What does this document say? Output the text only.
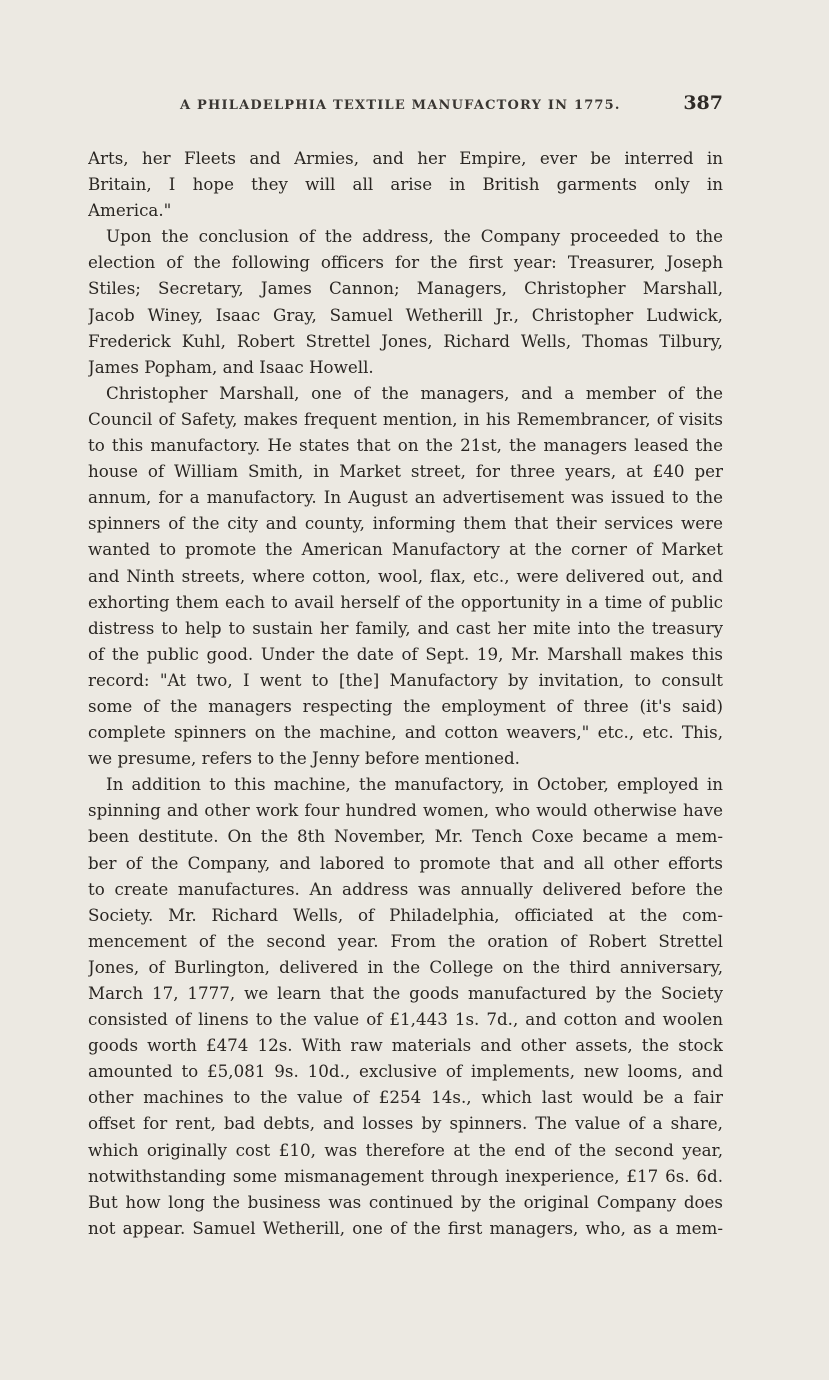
A PHILADELPHIA TEXTILE MANUFACTORY IN 1775.	387
Arts, her Fleets and Armies, and her Empire, ever be interred in
Britain, I hope they will all arise in British garments only in
America."
Upon the conclusion of the address, the Company proceeded to the
election of the following officers for the first year: Treasurer, Joseph
Stiles; Secretary, James Cannon; Managers, Christopher Marshall,
Jacob Winey, Isaac Gray, Samuel Wetherill Jr., Christopher Ludwick,
Frederick Kuhl, Robert Strettel Jones, Richard Wells, Thomas Tilbury,
James Popham, and Isaac Howell.
Christopher Marshall, one of the managers, and a member of the
Council of Safety, makes frequent mention, in his Remembrancer, of visits
to this manufactory. He states that on the 21st, the managers leased the
house of William Smith, in Market street, for three years, at £40 per
annum, for a manufactory. In August an advertisement was issued to the
spinners of the city and county, informing them that their services were
wanted to promote the American Manufactory at the corner of Market
and Ninth streets, where cotton, wool, flax, etc., were delivered out, and
exhorting them each to avail herself of the opportunity in a time of public
distress to help to sustain her family, and cast her mite into the treasury
of the public good. Under the date of Sept. 19, Mr. Marshall makes this
record: "At two, I went to [the] Manufactory by invitation, to consult
some of the managers respecting the employment of three (it's said)
complete spinners on the machine, and cotton weavers," etc., etc. This,
we presume, refers to the Jenny before mentioned.
In addition to this machine, the manufactory, in October, employed in
spinning and other work four hundred women, who would otherwise have
been destitute. On the 8th November, Mr. Tench Coxe became a mem-
ber of the Company, and labored to promote that and all other efforts
to create manufactures. An address was annually delivered before the
Society. Mr. Richard Wells, of Philadelphia, officiated at the com-
mencement of the second year. From the oration of Robert Strettel
Jones, of Burlington, delivered in the College on the third anniversary,
March 17, 1777, we learn that the goods manufactured by the Society
consisted of linens to the value of £1,443 1s. 7d., and cotton and woolen
goods worth £474 12s. With raw materials and other assets, the stock
amounted to £5,081 9s. 10d., exclusive of implements, new looms, and
other machines to the value of £254 14s., which last would be a fair
offset for rent, bad debts, and losses by spinners. The value of a share,
which originally cost £10, was therefore at the end of the second year,
notwithstanding some mismanagement through inexperience, £17 6s. 6d.
But how long the business was continued by the original Company does
not appear. Samuel Wetherill, one of the first managers, who, as a mem-
